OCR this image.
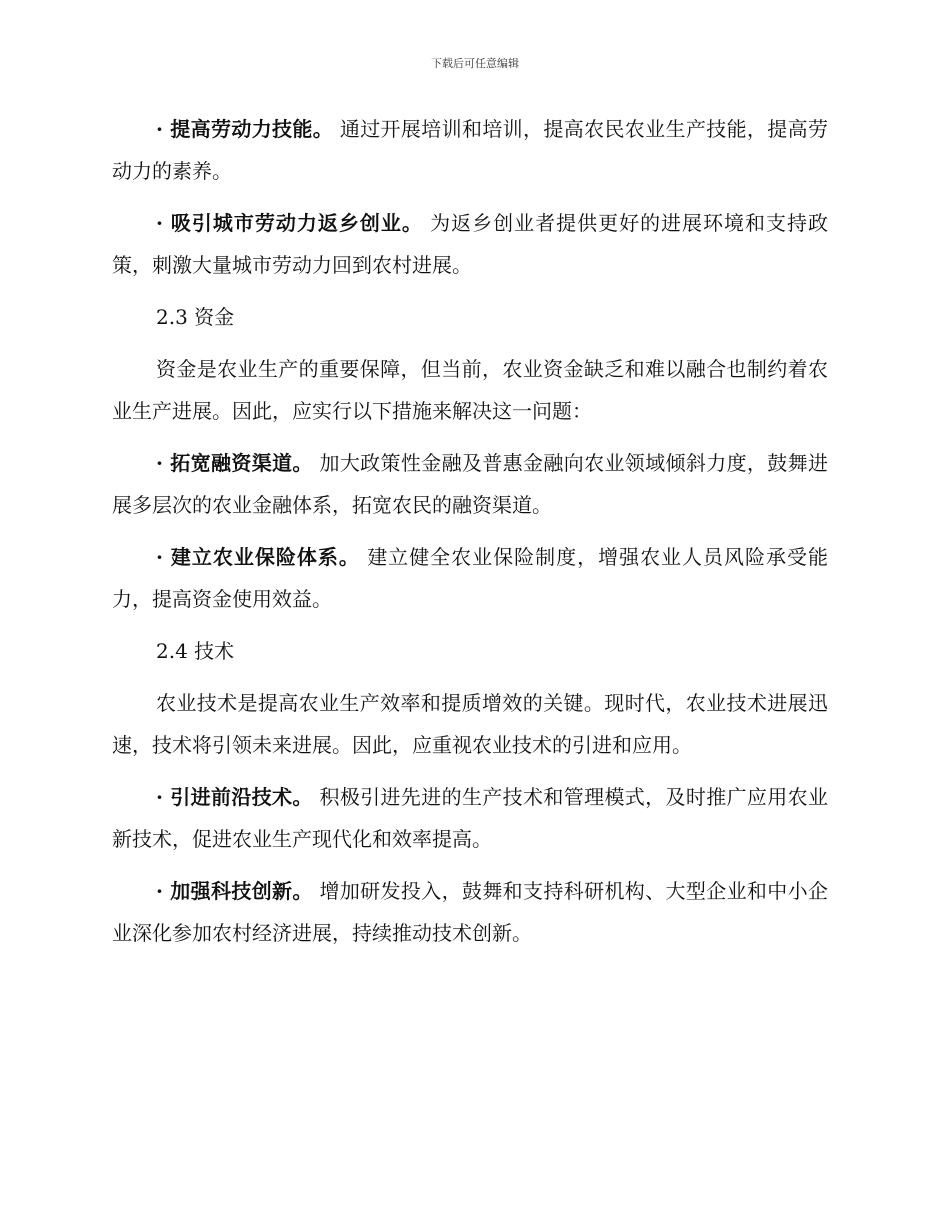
下载后可任意编辑

· 提高劳动力技能。 通过开展培训和培训，提高农民农业生产技能，提高劳动力的素养。

· 吸引城市劳动力返乡创业。 为返乡创业者提供更好的进展环境和支持政策，刺激大量城市劳动力回到农村进展。

2.3 资金

资金是农业生产的重要保障，但当前，农业资金缺乏和难以融合也制约着农业生产进展。因此，应实行以下措施来解决这一问题：

· 拓宽融资渠道。 加大政策性金融及普惠金融向农业领域倾斜力度，鼓舞进展多层次的农业金融体系，拓宽农民的融资渠道。

· 建立农业保险体系。 建立健全农业保险制度，增强农业人员风险承受能力，提高资金使用效益。

2.4 技术

农业技术是提高农业生产效率和提质增效的关键。现时代，农业技术进展迅速，技术将引领未来进展。因此，应重视农业技术的引进和应用。

· 引进前沿技术。 积极引进先进的生产技术和管理模式，及时推广应用农业新技术，促进农业生产现代化和效率提高。

· 加强科技创新。 增加研发投入，鼓舞和支持科研机构、大型企业和中小企业深化参加农村经济进展，持续推动技术创新。
